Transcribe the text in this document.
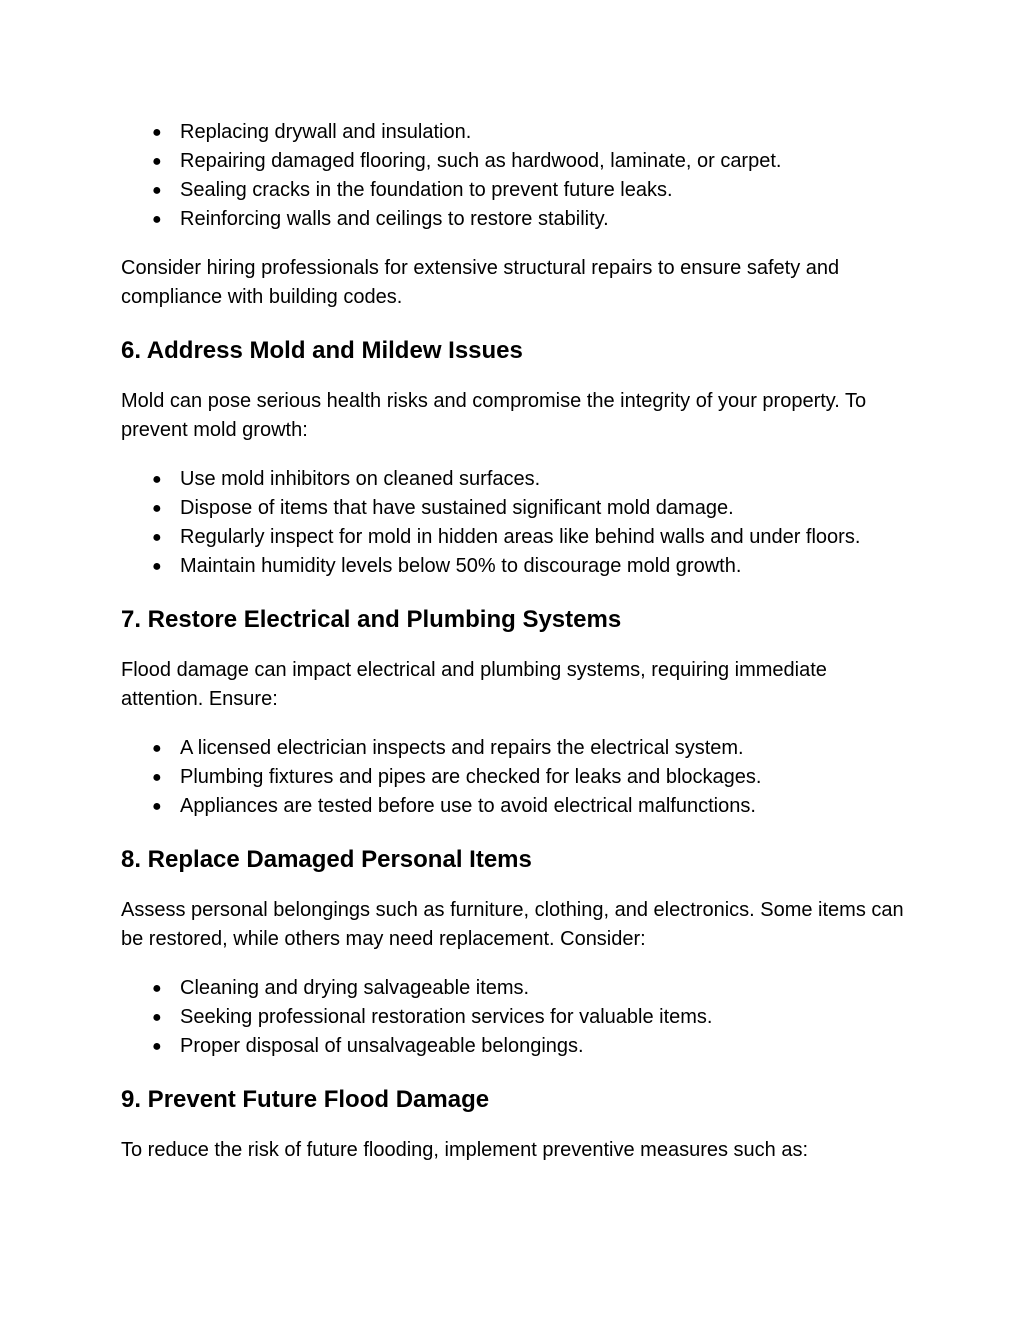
● Replacing drywall and insulation.
● Repairing damaged flooring, such as hardwood, laminate, or carpet.
● Sealing cracks in the foundation to prevent future leaks.
● Reinforcing walls and ceilings to restore stability.

Consider hiring professionals for extensive structural repairs to ensure safety and compliance with building codes.

6. Address Mold and Mildew Issues

Mold can pose serious health risks and compromise the integrity of your property. To prevent mold growth:

● Use mold inhibitors on cleaned surfaces.
● Dispose of items that have sustained significant mold damage.
● Regularly inspect for mold in hidden areas like behind walls and under floors.
● Maintain humidity levels below 50% to discourage mold growth.
7. Restore Electrical and Plumbing Systems

Flood damage can impact electrical and plumbing systems, requiring immediate attention. Ensure:

● A licensed electrician inspects and repairs the electrical system.
● Plumbing fixtures and pipes are checked for leaks and blockages.
● Appliances are tested before use to avoid electrical malfunctions.
8. Replace Damaged Personal Items

Assess personal belongings such as furniture, clothing, and electronics. Some items can be restored, while others may need replacement. Consider:

● Cleaning and drying salvageable items.
● Seeking professional restoration services for valuable items.
● Proper disposal of unsalvageable belongings.
9. Prevent Future Flood Damage

To reduce the risk of future flooding, implement preventive measures such as:
